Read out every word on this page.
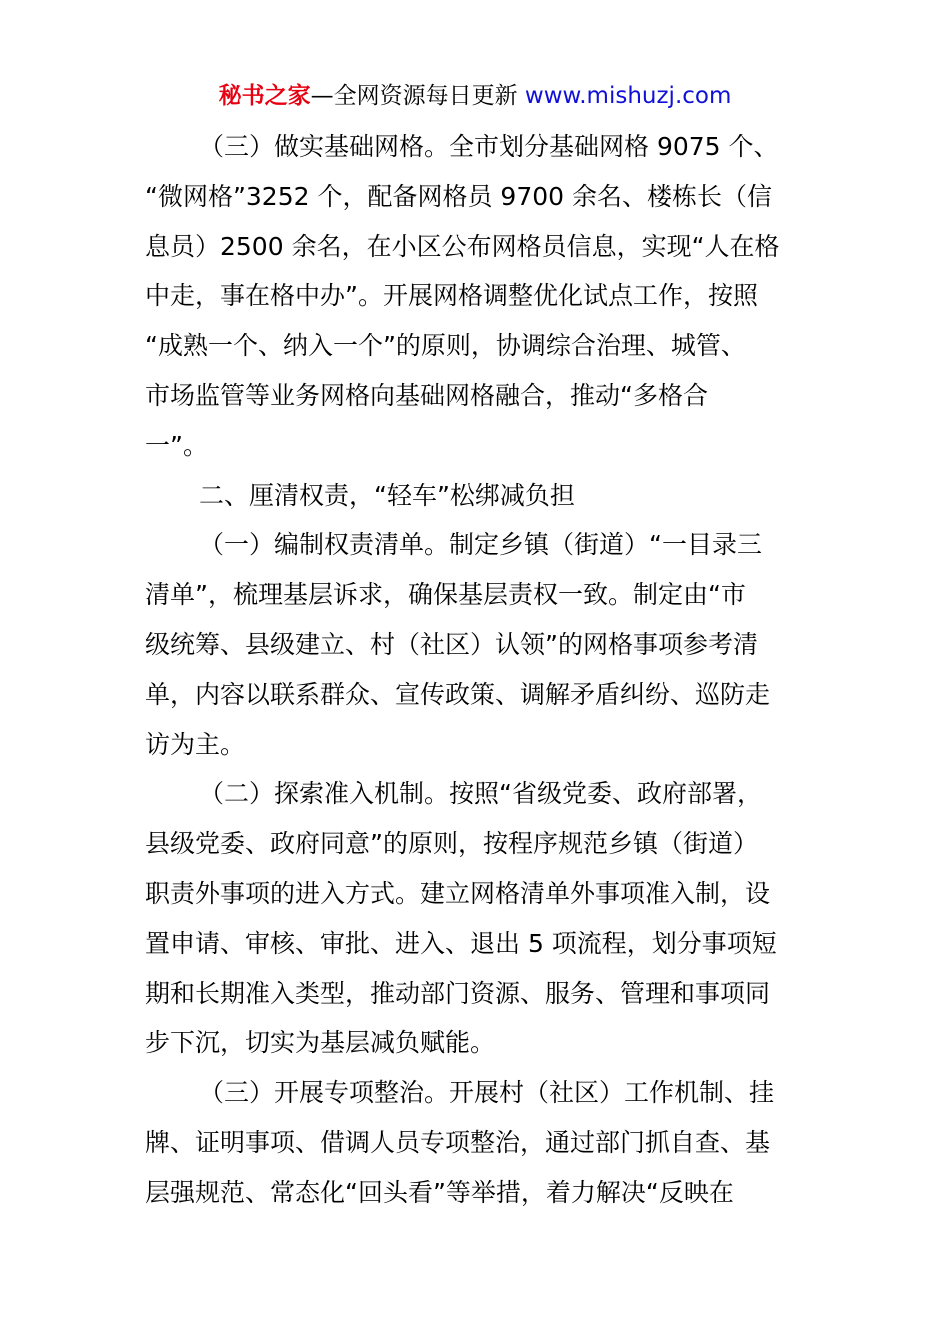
秘书之家—全网资源每日更新 www.mishuzj.com
（三）做实基础网格。全市划分基础网格 9075 个、
“微网格”3252 个，配备网格员 9700 余名、楼栋长（信
息员）2500 余名，在小区公布网格员信息，实现“人在格
中走，事在格中办”。开展网格调整优化试点工作，按照
“成熟一个、纳入一个”的原则，协调综合治理、城管、
市场监管等业务网格向基础网格融合，推动“多格合
一”。
二、厘清权责，“轻车”松绑减负担
（一）编制权责清单。制定乡镇（街道）“一目录三
清单”，梳理基层诉求，确保基层责权一致。制定由“市
级统筹、县级建立、村（社区）认领”的网格事项参考清
单，内容以联系群众、宣传政策、调解矛盾纠纷、巡防走
访为主。
（二）探索准入机制。按照“省级党委、政府部署，
县级党委、政府同意”的原则，按程序规范乡镇（街道）
职责外事项的进入方式。建立网格清单外事项准入制，设
置申请、审核、审批、进入、退出 5 项流程，划分事项短
期和长期准入类型，推动部门资源、服务、管理和事项同
步下沉，切实为基层减负赋能。
（三）开展专项整治。开展村（社区）工作机制、挂
牌、证明事项、借调人员专项整治，通过部门抓自查、基
层强规范、常态化“回头看”等举措，着力解决“反映在
